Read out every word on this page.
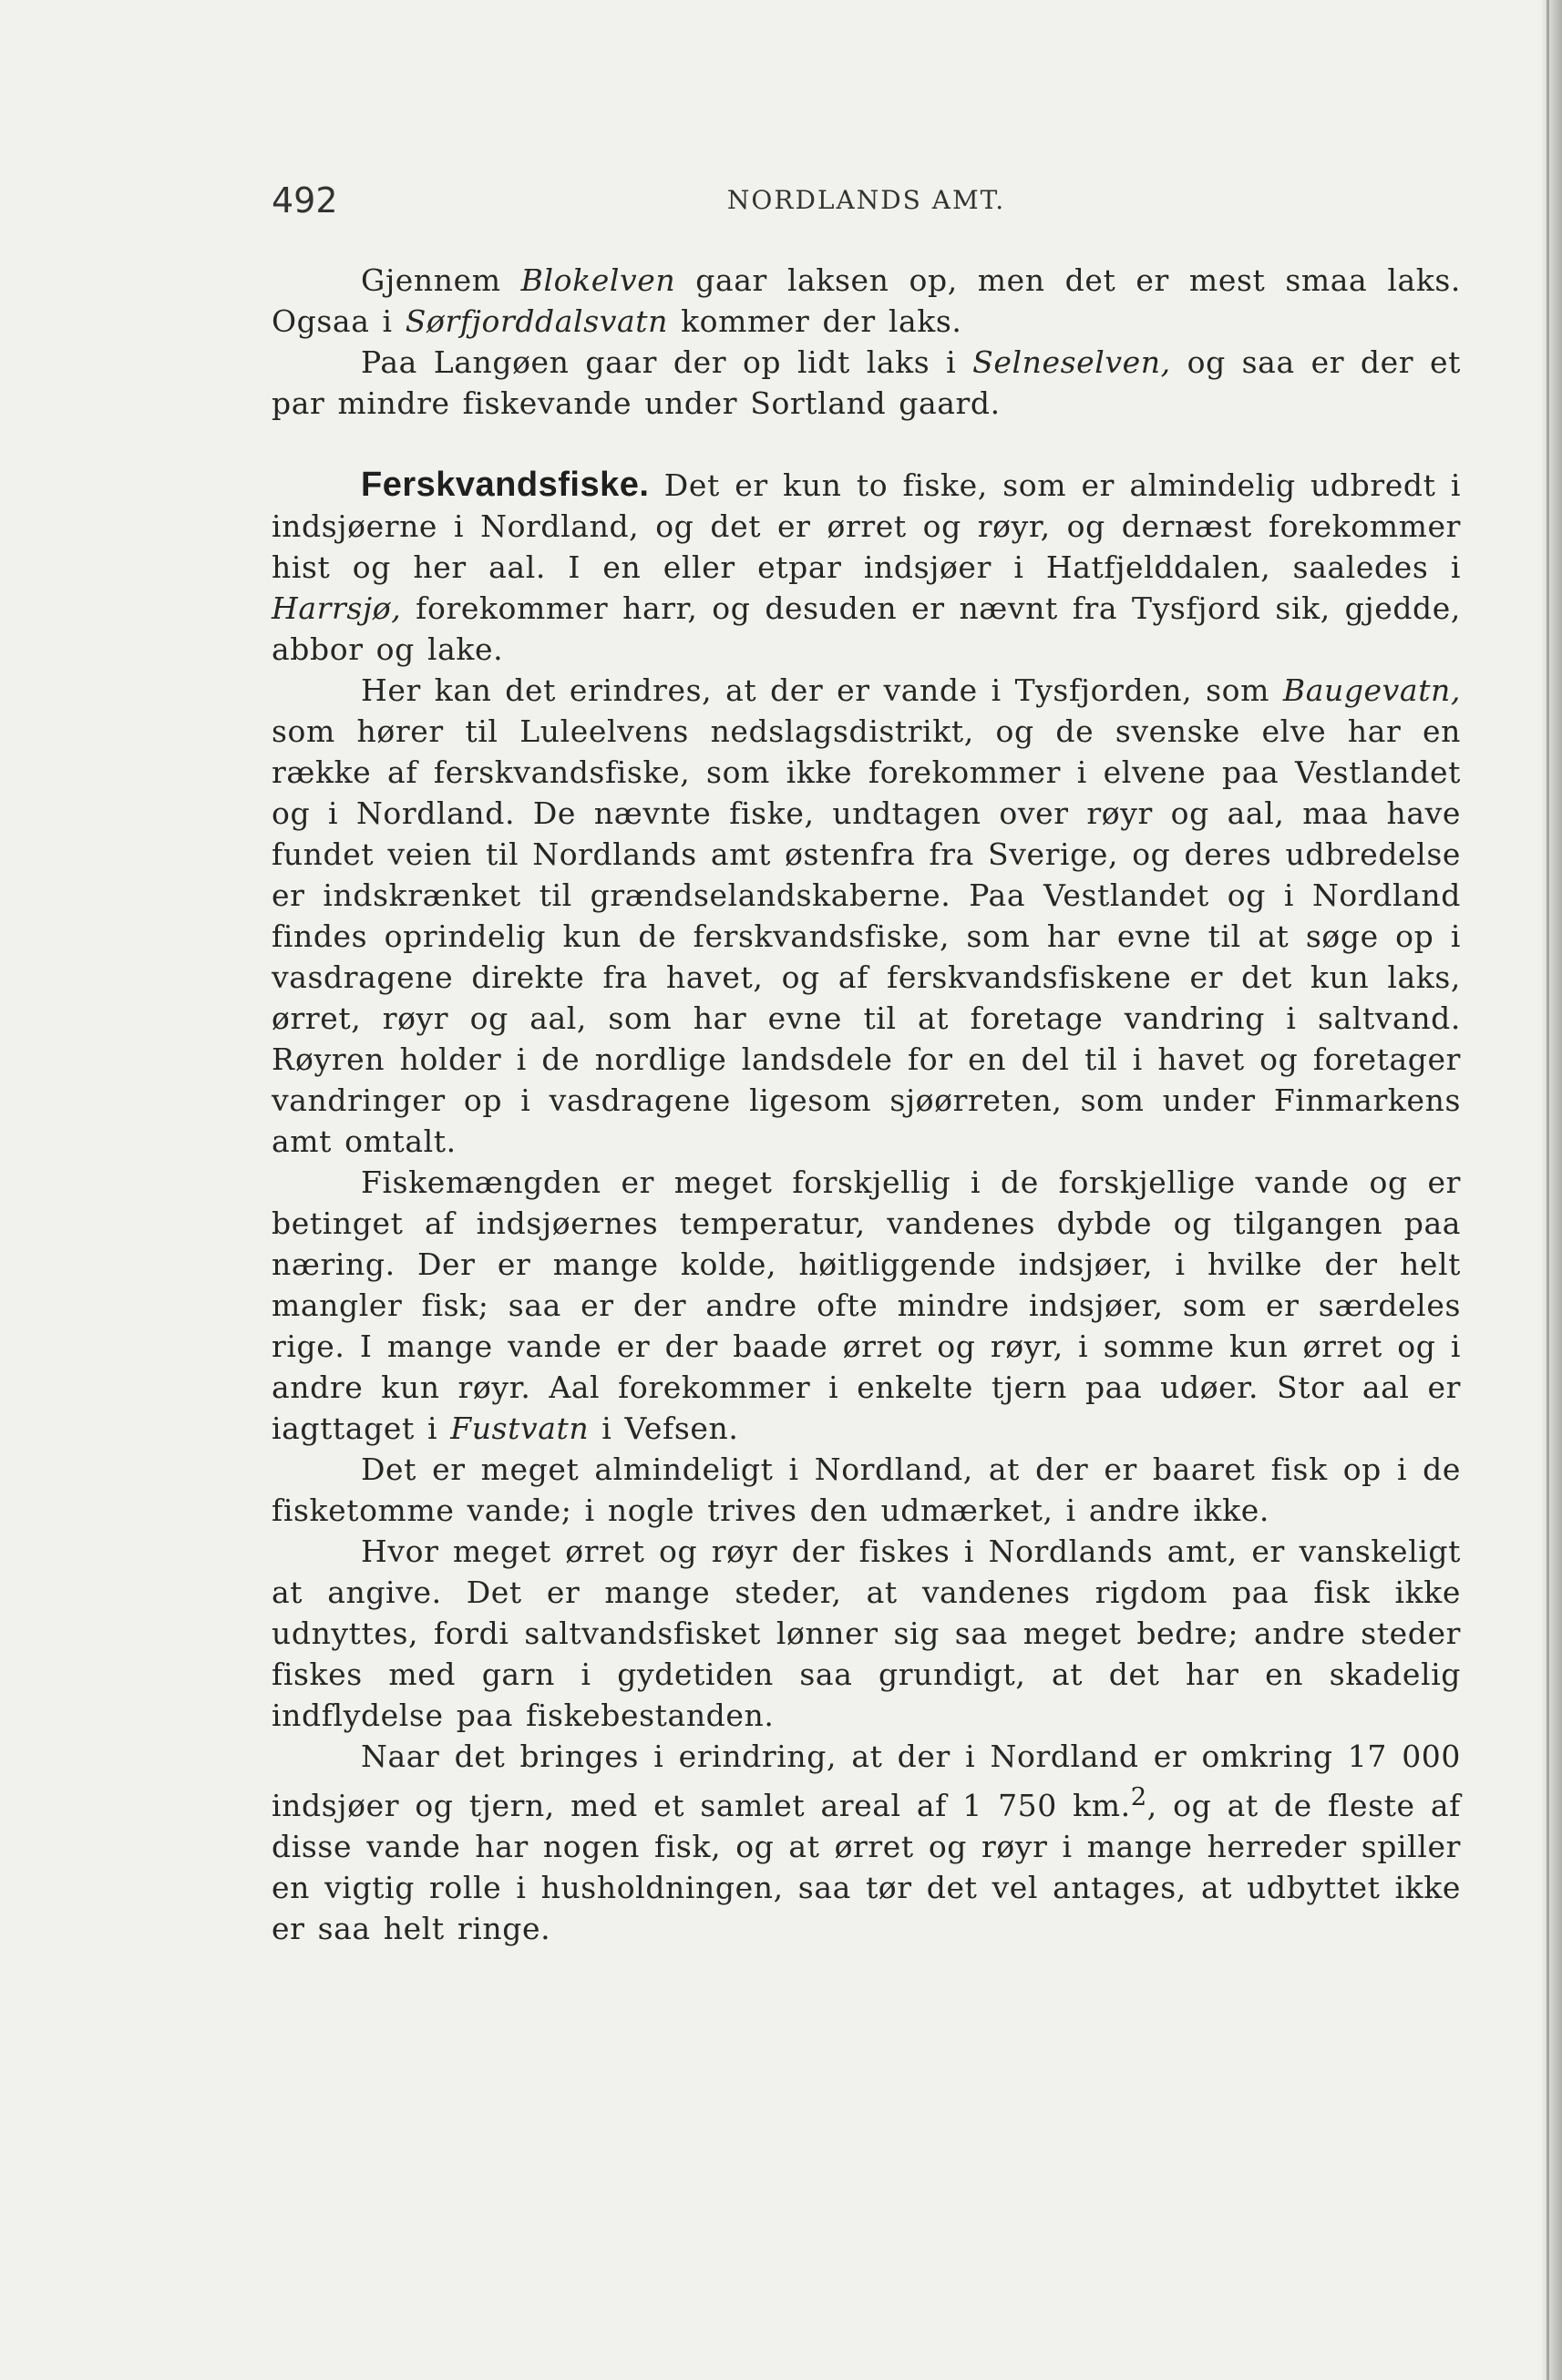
492	NORDLANDS AMT.

Gjennem Blokelven gaar laksen op, men det er mest smaa laks. Ogsaa i Sørfjorddalsvatn kommer der laks.

Paa Langøen gaar der op lidt laks i Selneselven, og saa er der et par mindre fiskevande under Sortland gaard.

Ferskvandsfiske. Det er kun to fiske, som er almindelig udbredt i indsjøerne i Nordland, og det er ørret og røyr, og dernæst forekommer hist og her aal. I en eller etpar indsjøer i Hatfjelddalen, saaledes i Harrsjø, forekommer harr, og desuden er nævnt fra Tysfjord sik, gjedde, abbor og lake.

Her kan det erindres, at der er vande i Tysfjorden, som Baugevatn, som hører til Luleelvens nedslagsdistrikt, og de svenske elve har en række af ferskvandsfiske, som ikke forekommer i elvene paa Vestlandet og i Nordland. De nævnte fiske, undtagen over røyr og aal, maa have fundet veien til Nordlands amt østenfra fra Sverige, og deres udbredelse er indskrænket til grændselandskaberne. Paa Vestlandet og i Nordland findes oprindelig kun de ferskvandsfiske, som har evne til at søge op i vasdragene direkte fra havet, og af ferskvandsfiskene er det kun laks, ørret, røyr og aal, som har evne til at foretage vandring i saltvand. Røyren holder i de nordlige landsdele for en del til i havet og foretager vandringer op i vasdragene ligesom sjøørreten, som under Finmarkens amt omtalt.

Fiskemængden er meget forskjellig i de forskjellige vande og er betinget af indsjøernes temperatur, vandenes dybde og tilgangen paa næring. Der er mange kolde, høitliggende indsjøer, i hvilke der helt mangler fisk; saa er der andre ofte mindre indsjøer, som er særdeles rige. I mange vande er der baade ørret og røyr, i somme kun ørret og i andre kun røyr. Aal forekommer i enkelte tjern paa udøer. Stor aal er iagttaget i Fustvatn i Vefsen.

Det er meget almindeligt i Nordland, at der er baaret fisk op i de fisketomme vande; i nogle trives den udmærket, i andre ikke.

Hvor meget ørret og røyr der fiskes i Nordlands amt, er vanskeligt at angive. Det er mange steder, at vandenes rigdom paa fisk ikke udnyttes, fordi saltvandsfisket lønner sig saa meget bedre; andre steder fiskes med garn i gydetiden saa grundigt, at det har en skadelig indflydelse paa fiskebestanden.

Naar det bringes i erindring, at der i Nordland er omkring 17 000 indsjøer og tjern, med et samlet areal af 1 750 km.$^2$, og at de fleste af disse vande har nogen fisk, og at ørret og røyr i mange herreder spiller en vigtig rolle i husholdningen, saa tør det vel antages, at udbyttet ikke er saa helt ringe.
